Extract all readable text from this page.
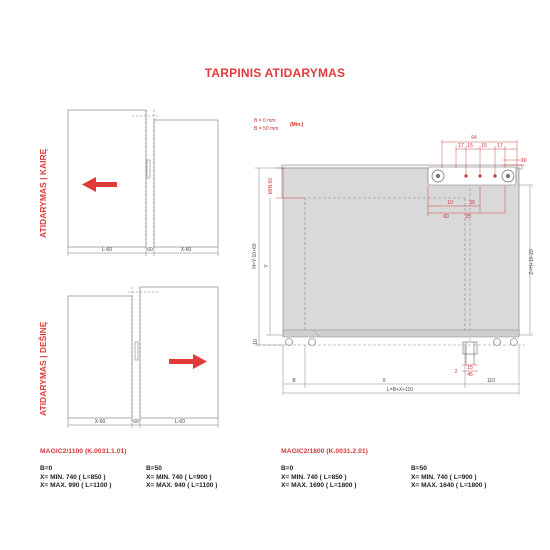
TARPINIS ATIDARYMAS
ATIDARYMAS | KAIRĘ
ATIDARYMAS | DEŠINĘ
L-60	60	X-60
X-60	60	L-60
B = 0 mm
B = 50 mm
(Min.)
64
17 15 15 17
10
10	39
60	25
MIN.60
H=Y-10+60 Y	Z=H+10-20
10
2
15
45
B	X	110
L=B+X+110
MAGIC2/1100 (K.0031.1.01)
B=0
X= MIN. 740 ( L=850 )
X= MAX. 990 ( L=1100 )
B=50
X= MIN. 740 ( L=900 )
X= MAX. 940 ( L=1100 )
MAGIC2/1800 (K.0031.2.01)
B=0
X= MIN. 740 ( L=850 )
X= MAX. 1690 ( L=1800 )
B=50
X= MIN. 740 ( L=900 )
X= MAX. 1640 ( L=1800 )
